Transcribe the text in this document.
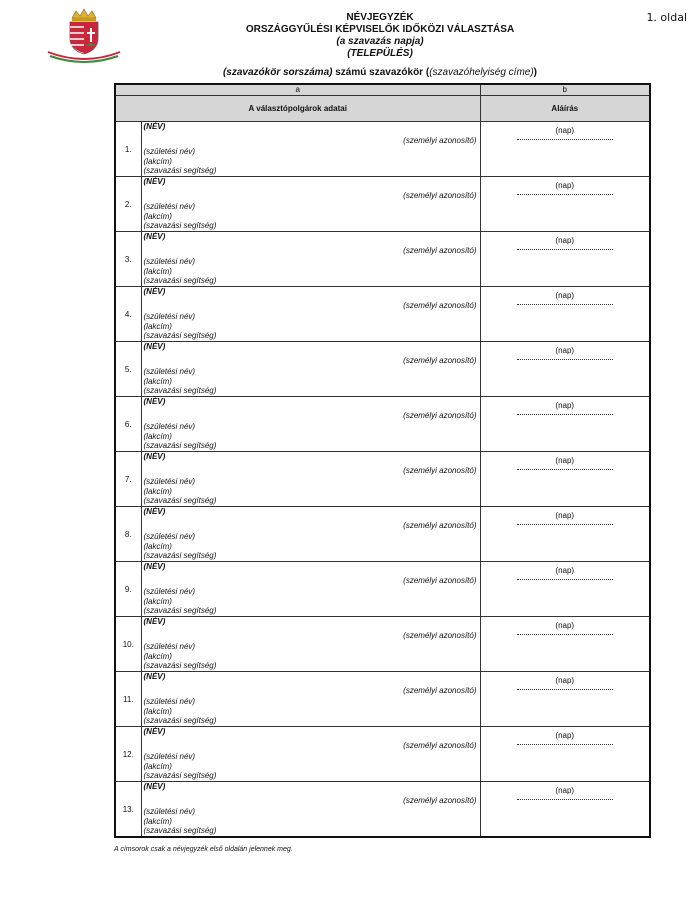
1. oldal
NÉVJEGYZÉK
ORSZÁGGYŰLÉSI KÉPVISELŐK IDŐKÖZI VÁLASZTÁSA
(a szavazás napja)
(TELEPÜLÉS)
(szavazókör sorszáma) számú szavazókör ((szavazóhelyiség címe))
a		b
A választópolgárok adatai		Aláírás
1.	(NÉV)
(személyi azonosító)
(születési név)
(lakcím)
(szavazási segítség)	(nap)

2.	(NÉV)
(személyi azonosító)
(születési név)
(lakcím)
(szavazási segítség)	(nap)

3.	(NÉV)
(személyi azonosító)
(születési név)
(lakcím)
(szavazási segítség)	(nap)

4.	(NÉV)
(személyi azonosító)
(születési név)
(lakcím)
(szavazási segítség)	(nap)

5.	(NÉV)
(személyi azonosító)
(születési név)
(lakcím)
(szavazási segítség)	(nap)

6.	(NÉV)
(személyi azonosító)
(születési név)
(lakcím)
(szavazási segítség)	(nap)

7.	(NÉV)
(személyi azonosító)
(születési név)
(lakcím)
(szavazási segítség)	(nap)

8.	(NÉV)
(személyi azonosító)
(születési név)
(lakcím)
(szavazási segítség)	(nap)

9.	(NÉV)
(személyi azonosító)
(születési név)
(lakcím)
(szavazási segítség)	(nap)

10.	(NÉV)
(személyi azonosító)
(születési név)
(lakcím)
(szavazási segítség)	(nap)

11.	(NÉV)
(személyi azonosító)
(születési név)
(lakcím)
(szavazási segítség)	(nap)

12.	(NÉV)
(személyi azonosító)
(születési név)
(lakcím)
(szavazási segítség)	(nap)

13.	(NÉV)
(személyi azonosító)
(születési név)
(lakcím)
(szavazási segítség)	(nap)
A címsorok csak a névjegyzék első oldalán jelennek meg.
